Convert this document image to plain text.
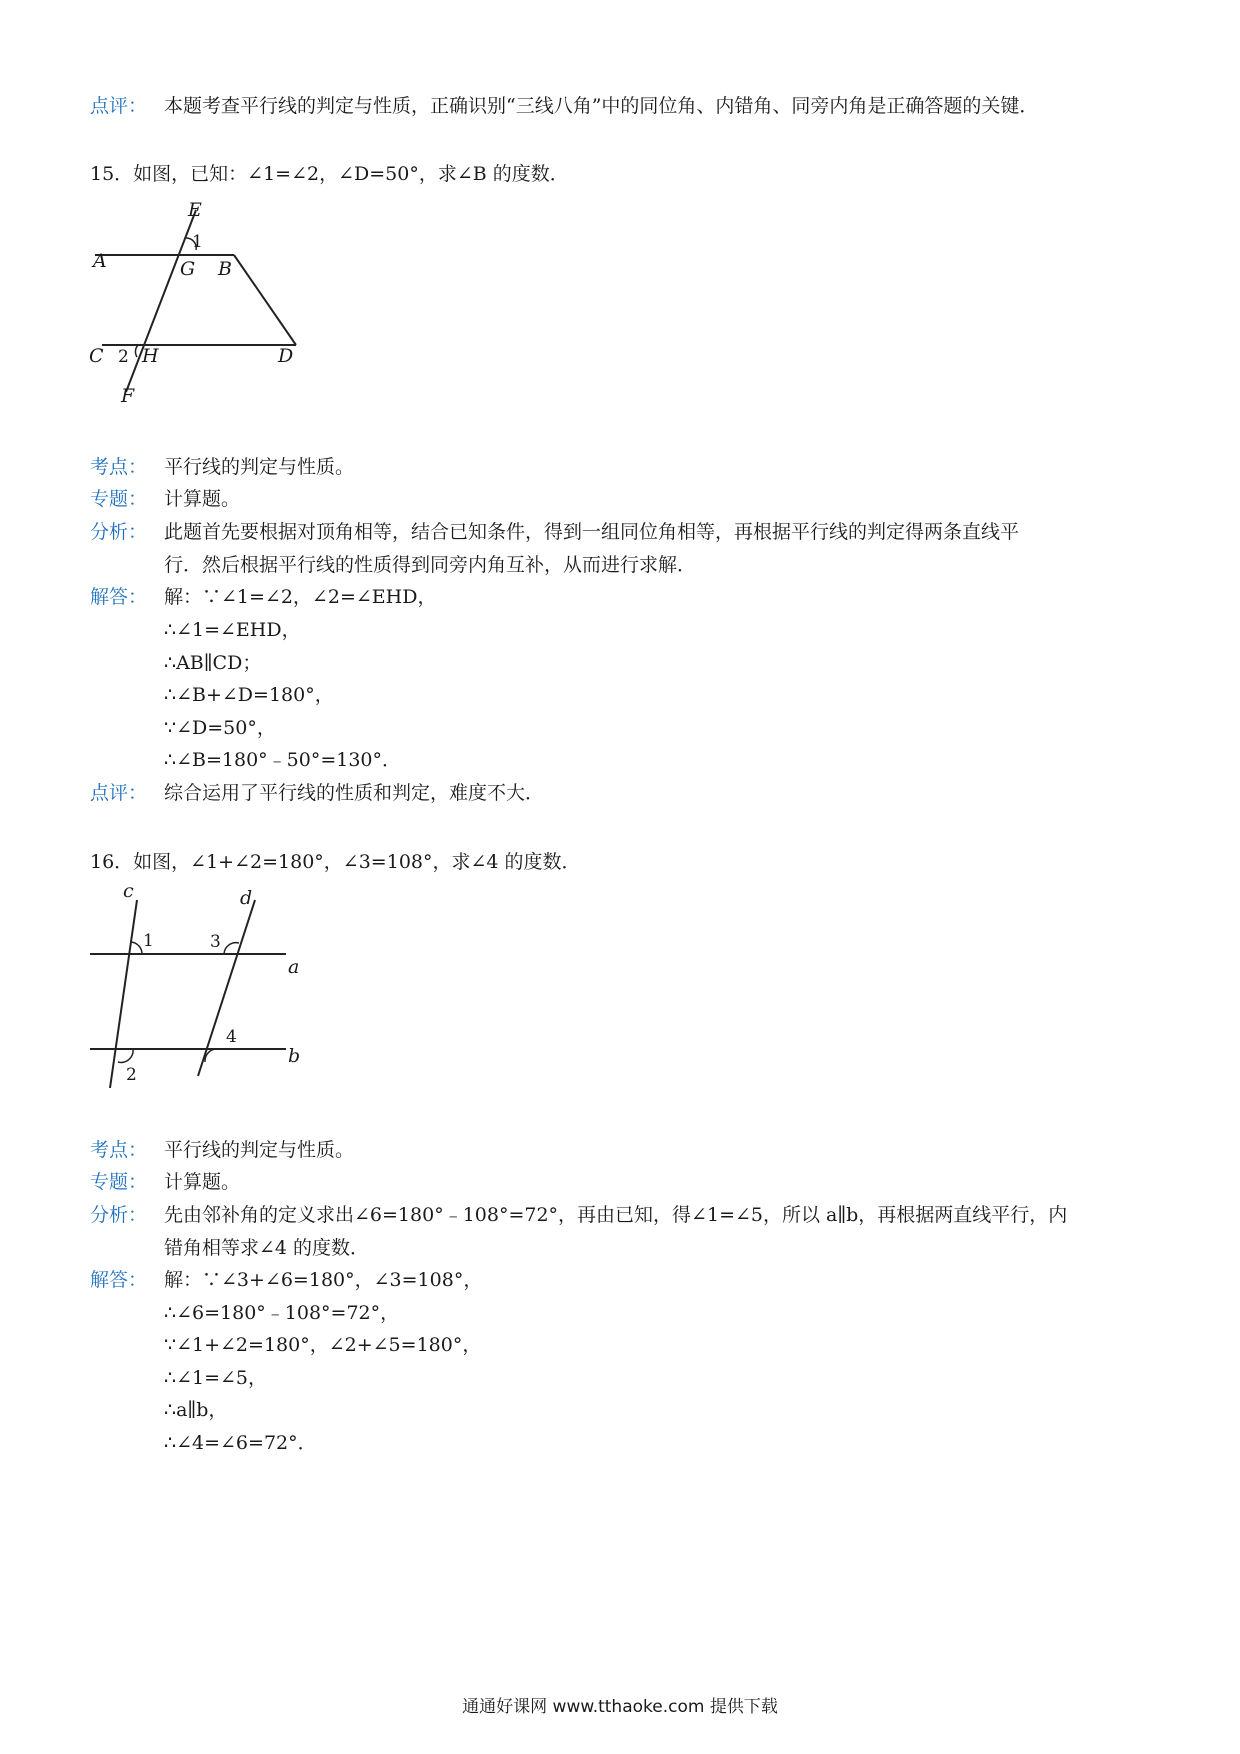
点评： 本题考查平行线的判定与性质，正确识别“三线八角”中的同位角、内错角、同旁内角是正确答题的关键．
15．如图，已知：∠1=∠2，∠D=50°，求∠B 的度数．
E
1
A	G B
C 2 H	D
F
考点： 平行线的判定与性质。
专题： 计算题。
分析： 此题首先要根据对顶角相等，结合已知条件，得到一组同位角相等，再根据平行线的判定得两条直线平
行．然后根据平行线的性质得到同旁内角互补，从而进行求解．
解答： 解：∵∠1=∠2，∠2=∠EHD，
∴∠1=∠EHD，
∴AB∥CD；
∴∠B+∠D=180°，
∵∠D=50°，
∴∠B=180°﹣50°=130°．
点评： 综合运用了平行线的性质和判定，难度不大．
16．如图，∠1+∠2=180°，∠3=108°，求∠4 的度数．
c	d
1	3
a
4
b
2
考点： 平行线的判定与性质。
专题： 计算题。
分析： 先由邻补角的定义求出∠6=180°﹣108°=72°，再由已知，得∠1=∠5，所以 a∥b，再根据两直线平行，内
错角相等求∠4 的度数．
解答： 解：∵∠3+∠6=180°，∠3=108°，
∴∠6=180°﹣108°=72°，
∵∠1+∠2=180°，∠2+∠5=180°，
∴∠1=∠5，
∴a∥b，
∴∠4=∠6=72°．
通通好课网 www.tthaoke.com 提供下载
